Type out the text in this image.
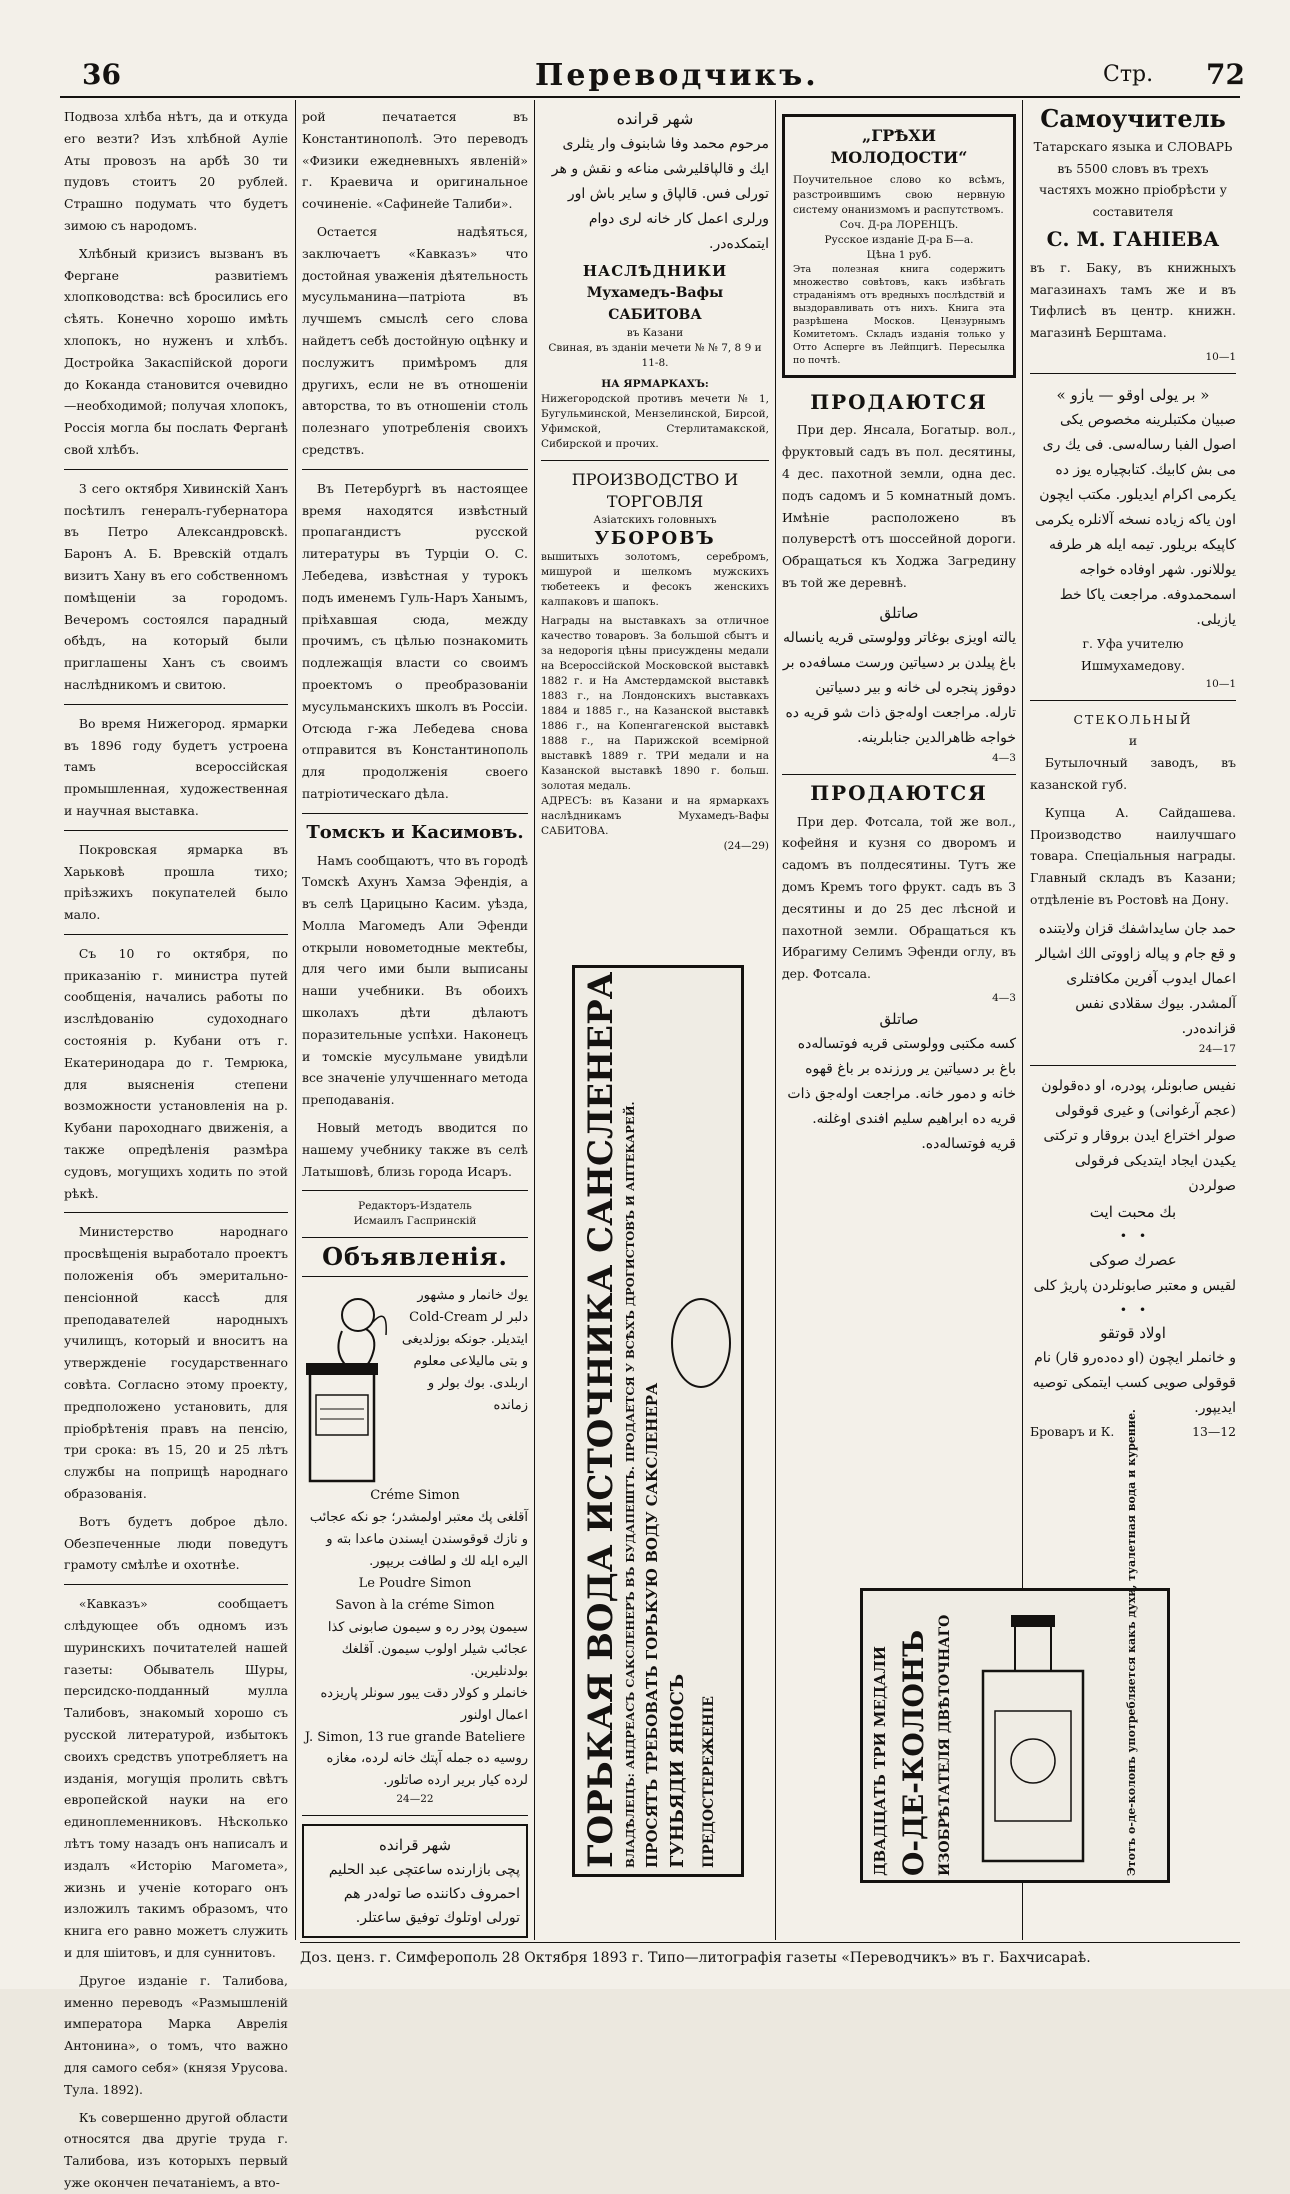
36	Переводчикъ.	Стр. 72

Подвоза хлѣба нѣтъ, да и откуда его везти? Изъ хлѣбной Аулie Аты провозъ на арбѣ 30 ти пудовъ стоитъ 20 рублей. Страшно подумать что будетъ зимою съ народомъ.

Хлѣбный кризисъ вызванъ въ Фергане развитiемъ хлопководства: всѣ бросились его сѣять. Конечно хорошо имѣть хлопокъ, но нуженъ и хлѣбъ. Достройка Закаспiйской дороги до Коканда становится очевидно—необходимой; получая хлопокъ, Россiя могла бы послать Ферганѣ свой хлѣбъ.

3 сего октября Хивинскiй Ханъ посѣтилъ генералъ-губернатора въ Петро Александровскѣ. Баронъ А. Б. Вревскiй отдалъ визитъ Хану въ его собственномъ помѣщенiи за городомъ. Вечеромъ состоялся парадный обѣдъ, на который были приглашены Ханъ съ своимъ наслѣдникомъ и свитою.

Во время Нижегород. ярмарки въ 1896 году будетъ устроена тамъ всероссiйская промышленная, художественная и научная выставка.

Покровская ярмарка въ Харьковѣ прошла тихо; прiѣзжихъ покупателей было мало.

Съ 10 го октября, по приказанiю г. министра путей сообщенiя, начались работы по изслѣдованiю судоходнаго состоянiя р. Кубани отъ г. Екатеринодара до г. Темрюка, для выясненiя степени возможности установленiя на р. Кубани пароходнаго движенiя, а также опредѣленiя размѣра судовъ, могущихъ ходить по этой рѣкѣ.

Министерство народнаго просвѣщенiя выработало проектъ положенiя объ эмеритально-пенсiонной кассѣ для преподавателей народныхъ училищъ, который и вноситъ на утвержденiе государственнаго совѣта. Согласно этому проекту, предположено установить, для прiобрѣтенiя правъ на пенсiю, три срока: въ 15, 20 и 25 лѣтъ службы на поприщѣ народнаго образованiя.

Вотъ будетъ доброе дѣло. Обезпеченные люди поведутъ грамоту смѣлѣе и охотнѣе.

«Кавказъ» сообщаетъ слѣдующее объ одномъ изъ шуринскихъ почитателей нашей газеты: Обыватель Шуры, персидско-подданный мулла Талибовъ, знакомый хорошо съ русской литературой, избытокъ своихъ средствъ употребляетъ на изданiя, могущiя пролить свѣтъ европейской науки на его единоплеменниковъ. Нѣсколько лѣтъ тому назадъ онъ написалъ и издалъ «Исторiю Магомета», жизнь и ученiе котораго онъ изложилъ такимъ образомъ, что книга его равно можетъ служить и для шiитовъ, и для суннитовъ.

Другое изданiе г. Талибова, именно переводъ «Размышленiй императора Марка Аврелiя Антонина», о томъ, что важно для самого себя» (князя Урусова. Тула. 1892).

Къ совершенно другой области относятся два другiе труда г. Талибова, изъ которыхъ первый уже окончен печатанiемъ, а вто-

рой печатается въ Константинополѣ. Это переводъ «Физики ежедневныхъ явленiй» г. Краевича и оригинальное сочиненiе. «Сафинейе Талиби».

Остается надѣяться, заключаетъ «Кавказъ» что достойная уваженiя дѣятельность мусульманина—патрiота въ лучшемъ смыслѣ сего слова найдетъ себѣ достойную оцѣнку и послужитъ примѣромъ для другихъ, если не въ отношенiи авторства, то въ отношенiи столь полезнаго употребленiя своихъ средствъ.

Въ Петербургѣ въ настоящее время находятся извѣстный пропагандистъ русской литературы въ Турцiи О. С. Лебедева, извѣстная у турокъ подъ именемъ Гуль-Наръ Ханымъ, прiѣхавшая сюда, между прочимъ, съ цѣлью познакомить подлежащiя власти со своимъ проектомъ о преобразованiи мусульманскихъ школъ въ Россiи. Отсюда г-жа Лебедева снова отправится въ Константинополь для продолженiя своего патрiотическаго дѣла.

Томскъ и Касимовъ.

Намъ сообщаютъ, что въ городѣ Томскѣ Ахунъ Хамза Эфендiя, а въ селѣ Царицыно Касим. уѣзда, Молла Магомедъ Али Эфенди открыли новометодные мектебы, для чего ими были выписаны наши учебники. Въ обоихъ школахъ дѣти дѣлаютъ поразительные успѣхи. Наконецъ и томскiе мусульмане увидѣли все значенiе улучшеннаго метода преподаванiя.

Новый методъ вводится по нашему учебнику также въ селѣ Латышовѣ, близь города Исаръ.

Редакторъ-Издатель
Исмаилъ Гаспринскiй
Объявленiя.
یوك خانمار و مشهور دلبر لر Cold-Cream ایتدیلر. جونکه بوزلدیغی و بتی مالیلاعی معلوم اربلدی. بوك بولر و زمانده
Créme Simon
آقلغی پك معتبر اولمشدر؛ جو نكه عجائب و نازك قوقوسندن ایسندن ماعدا بته و الیره ایله لك و لطافت بریپور.
Le Poudre Simon
Savon à la créme Simon
سیمون پودر ره و سیمون صابونی كذا عجائب شیلر اولوب سیمون. آقلغك بولدنلیرین.
خانملر و كولار دقت یبور سونلر پاریزده اعمال اولنور
J. Simon, 13 rue grande Bateliere
روسیه ده جمله آپتك خانه لرده، مغازه لرده كیار بریر ارده صاتلور.
24—22
شهر قرانده
پچی بازارنده ساعتچی عبد الحلیم احمروف دكاننده صا توله‌در هم تورلی اوتلوك توفيق ساعتلر.
شهر قرانده
مرحوم محمد وفا شابنوف وار یثلری ایك و قالپاقلیرشی مناعه و نقش و هر تورلی فس. قالپاق و سایر باش اور ورلری اعمل كار خانه لری دوام ایتمكده‌در.
НАСЛѢДНИКИ
Мухамедъ-Вафы САБИТОВА
въ Казани
Свиная, въ зданiи мечети № № 7, 8 9 и 11-8.
НА ЯРМАРКАХЪ:
Нижегородской противъ мечети № 1, Бугульминской, Мензелинской, Бирсой, Уфимской, Стерлитамакской, Сибирской и прочих.
ПРОИЗВОДСТВО И ТОРГОВЛЯ
Азiатскихъ головныхъ
УБОРОВЪ
вышитыхъ золотомъ, серебромъ, мишурой и шелкомъ мужскихъ тюбетеекъ и фесокъ женскихъ калпаковъ и шапокъ.
Награды на выставкахъ за отличное качество товаровъ. За большой сбытъ и за недорогiя цѣны присуждены медали на Всероссiйской Московской выставкѣ 1882 г. и На Амстердамской выставкѣ 1883 г., на Лондонскихъ выставкахъ 1884 и 1885 г., на Казанской выставкѣ 1886 г., на Копенгагенской выставкѣ 1888 г., на Парижской всемiрной выставкѣ 1889 г. ТРИ медали и на Казанской выставкѣ 1890 г. больш. золотая медаль.
АДРЕСЪ: въ Казани и на ярмаркахъ наслѣдникамъ Мухамедъ-Вафы САБИТОВА.
(24—29)
ГОРЬКАЯ ВОДА ИСТОЧНИКА САНСЛЕНЕРА ВЛАДѢЛЕЦЪ: АНДРЕАСЪ САКСЛЕНЕРЪ ВЪ БУДАПЕШТЪ. ПРОДАЕТСЯ У ВСѢХЪ ДРОГИСТОВЪ И АПТЕКАРЕЙ. ПРОСЯТЪ ТРЕБОВАТЬ ГОРЬКУЮ ВОДУ САКСЛЕНЕРА ГУНЬЯДИ ЯНОСЪ ПРЕДОСТЕРЕЖЕНIЕ
„ГРѢХИ МОЛОДОСТИ“
Поучительное слово ко всѣмъ, разстроившимъ свою нервную систему онанизмомъ и распутствомъ.
Соч. Д-ра ЛОРЕНЦЪ.
Русское изданiе Д-ра Б—а.
Цѣна 1 руб.
Эта полезная книга содержитъ множество совѣтовъ, какъ избѣгать страданiямъ отъ вредныхъ послѣдствiй и выздоравливать отъ нихъ. Книга эта разрѣшена Москов. Цензурнымъ Комитетомъ. Складъ изданiя только у Отто Асперге въ Лейпцигѣ. Пересылка по почтѣ.
ПРОДАЮТСЯ

При дер. Янсала, Богатыр. вол., фруктовый садъ въ пол. десятины, 4 дес. пахотной земли, одна дес. подъ садомъ и 5 комнатный домъ. Имѣнiе расположено въ полуверстѣ отъ шоссейной дороги. Обращаться къ Ходжа Загредину въ той же деревнѣ.

صاتلق
یالته اویزی بوغاتر وولوستی قریه یانساله باغ پیلدن بر دسیاتین ورست مسافه‌ده بر دوقوز پنجره لی خانه و بیر دسیاتین تارله. مراجعت اوله‌جق ذات شو قریه ده خواجه ظاهرالدین جنابلرینه.
4—3
ПРОДАЮТСЯ

При дер. Фотсала, той же вол., кофейня и кузня со дворомъ и садомъ въ полдесятины. Тутъ же домъ Кремъ того фрукт. садъ въ 3 десятины и до 25 дес лѣсной и пахотной земли. Обращаться къ Ибрагиму Селимъ Эфенди оглу, въ дер. Фотсала.

4—3
صاتلق
كسه مكتبی وولوستی قریه فوتساله‌ده باغ بر دسیاتین یر ورزنده بر باغ قهوه خانه و دمور خانه. مراجعت اوله‌جق ذات قریه ده ابراهیم سلیم افندی اوغلنه. قریه فوتساله‌ده.
ДВАДЦАТЬ ТРИ МЕДАЛИ О-ДЕ-КОЛОНЪ ИЗОБРѢТАТЕЛЯ ДВѢТОЧНАГО	Этотъ о-де-колонъ употребляется какъ духи, туалетная вода и курение.
Самоучитель
Татарскаго языка и СЛОВАРЬ въ 5500 словъ въ трехъ частяхъ можно прiобрѣсти у составителя
С. М. ГАНIЕВА

въ г. Баку, въ книжныхъ магазинахъ тамъ же и въ Тифлисѣ въ центр. книжн. магазинѣ Берштама.

10—1
« بر یولی اوقو — یازو »
صبیان مكتبلرینه مخصوص یكی اصول الفبا رساله‌سی. فی یك ری می بش كابیك. كتابچیاره یوز ده یكرمی اكرام ایدیلور. مكتب ایچون اون یاكه زیاده نسخه آلانلره یكرمی كاپیكه بریلور. تیمه ایله هر طرفه یوللانور. شهر اوفا‌ده خواجه اسمحمدوفه. مراجعت یاكا خط یازیلی.
г. Уфа учителю Ишмухамедову.
10—1
СТЕКОЛЬНЫЙ
и

Бутылочный заводъ, въ казанской губ.

Купца А. Сайдашева. Производство наилучшаго товара. Спецiальныя награды. Главный складъ въ Казани; отдѣленiе въ Ростовѣ на Дону.

حمد جان سایداشفك قزان ولایتنده و قع جام و پیاله زاووتی الك اشیالر اعمال ایدوب آفرین مكافتلری آلمشدر. بیوك سقلادی نفس قزانده‌در.
24—17
نفیس صابونلر، پودره، او ده‌قولون (عجم آرغوانی) و غیری قوقولی صولر اختراع ایدن بروقار و تركتی یكیدن ایجاد ایتدیکی فرقولی صولردن
بك محبت ایت
•   •
عصرك صوكی
لقیس و معتبر صابونلردن پاریژ كلی
•   •
اولاد قوتقو
و خانملر ایچون (او ده‌ده‌رو قار) نام قوقولی صویی كسب ایتمكی توصیه ایدیپور.
Броваръ и К.	13—12
Доз. ценз. г. Симферополь 28 Октября 1893 г. Типо—литографiя газеты «Переводчикъ» въ г. Бахчисараѣ.
